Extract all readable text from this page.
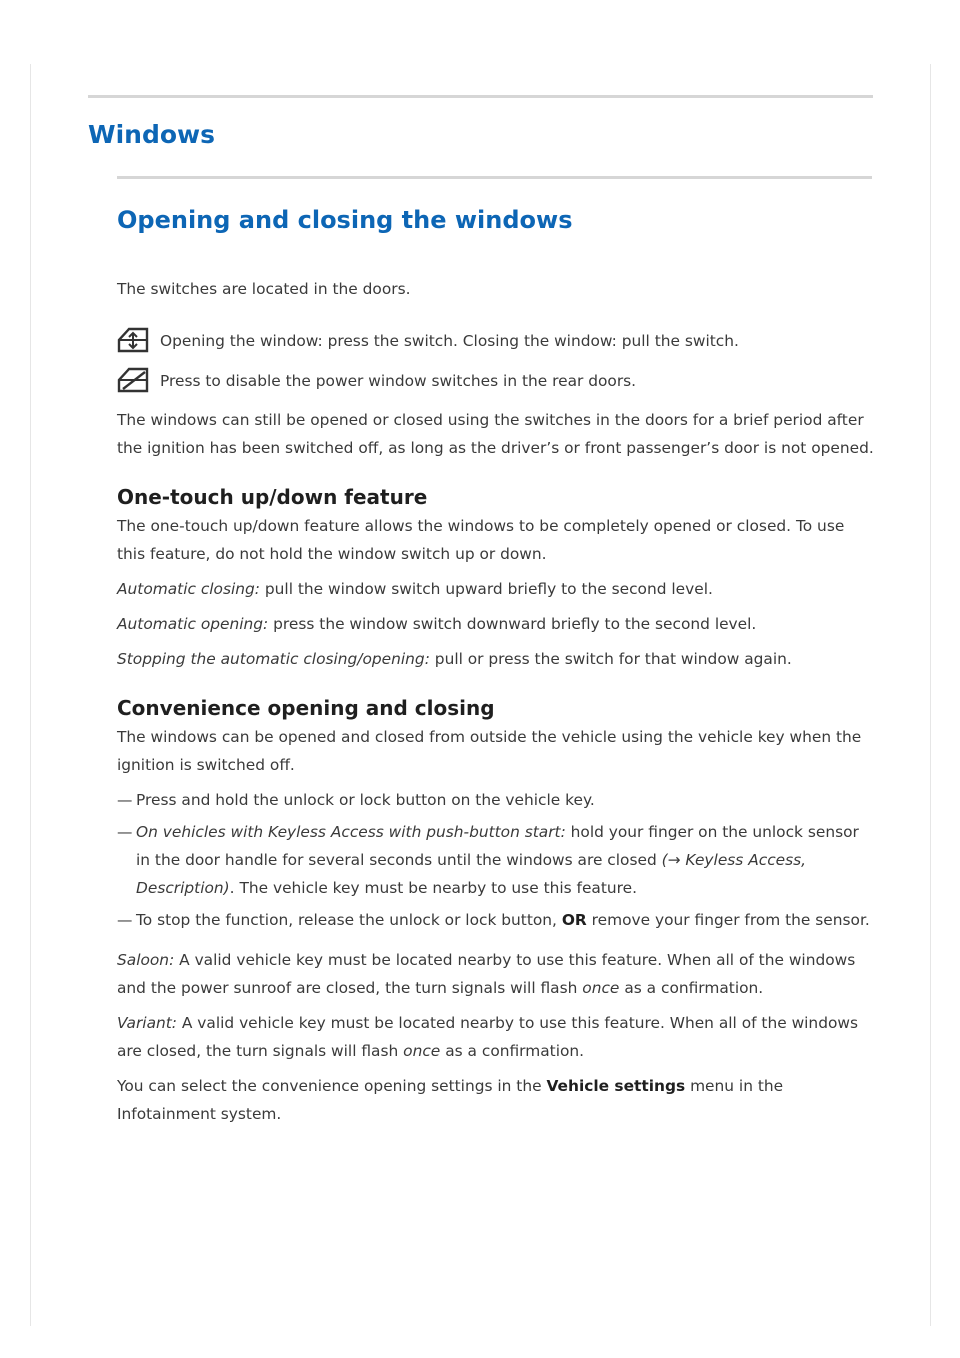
Windows
Opening and closing the windows

The switches are located in the doors.

Opening the window: press the switch. Closing the window: pull the switch.
Press to disable the power window switches in the rear doors.

The windows can still be opened or closed using the switches in the doors for a brief period after the ignition has been switched off, as long as the driver’s or front passenger’s door is not opened.

One-touch up/down feature

The one-touch up/down feature allows the windows to be completely opened or closed. To use this feature, do not hold the window switch up or down.

Automatic closing: pull the window switch upward briefly to the second level.

Automatic opening: press the window switch downward briefly to the second level.

Stopping the automatic closing/opening: pull or press the switch for that window again.

Convenience opening and closing

The windows can be opened and closed from outside the vehicle using the vehicle key when the ignition is switched off.

— Press and hold the unlock or lock button on the vehicle key.
— On vehicles with Keyless Access with push-button start: hold your finger on the unlock sensor in the door handle for several seconds until the windows are closed (→ Keyless Access, Description). The vehicle key must be nearby to use this feature.
— To stop the function, release the unlock or lock button, OR remove your finger from the sensor.

Saloon: A valid vehicle key must be located nearby to use this feature. When all of the windows and the power sunroof are closed, the turn signals will flash once as a confirmation.

Variant: A valid vehicle key must be located nearby to use this feature. When all of the windows are closed, the turn signals will flash once as a confirmation.

You can select the convenience opening settings in the Vehicle settings menu in the Infotainment system.
